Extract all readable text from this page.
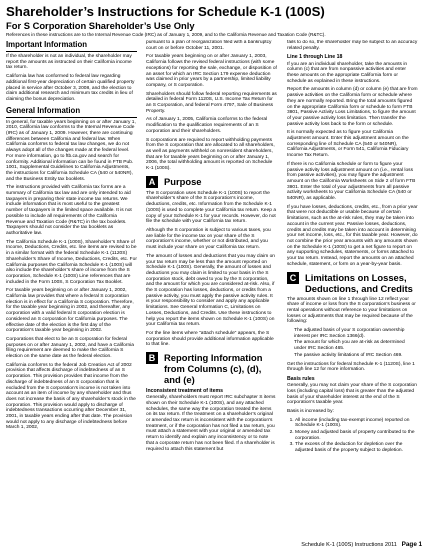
Shareholder’s Instructions for Schedule K-1 (100S)
For S Corporation Shareholder’s Use Only
References in these instructions are to the Internal Revenue Code (IRC) as of January 1, 2009, and to the California Revenue and Taxation Code (R&TC).
Important Information

If the shareholder is not an individual, the shareholder may report the amounts as instructed on their California income tax return.

California law has conformed to federal law regarding additional first-year depreciation of certain qualified property placed in service after October 3, 2008, and the election to claim additional research and minimum tax credits in lieu of claiming the bonus depreciation.

General Information

In general, for taxable years beginning on or after January 1, 2010, California law conforms to the Internal Revenue Code (IRC) as of January 1, 2009. However, there are continuing differences between California and federal law. When California conforms to federal tax law changes, we do not always adopt all of the changes made at the federal level. For more information, go to ftb.ca.gov and search for conformity. Additional information can be found in FTB Pub. 1001, Supplemental Guidelines to California Adjustments, the instructions for California Schedule CA (540 or 540NR), and the Business Entity tax booklets.

The instructions provided with California tax forms are a summary of California tax law and are only intended to aid taxpayers in preparing their state income tax returns. We include information that is most useful to the greatest number of taxpayers in the limited space available. It is not possible to include all requirements of the California Revenue and Taxation Code (R&TC) in the tax booklets. Taxpayers should not consider the tax booklets as authoritative law.

The California Schedule K-1 (100S), Shareholder’s Share of Income, Deductions, Credits, etc. line items are revised to be in a similar format with the federal Schedule K-1 (1120S) Shareholder’s Share of Income, Deductions, Credits, etc. For California purposes the California Schedule K-1 (100S) will also include the shareholder’s share of income from the S corporation, Schedule K-1 (100S) Line references that are included in the Form 100S, S Corporation Tax Booklet.

For taxable years beginning on or after January 1, 2002, California law provides that where a federal S corporation election is in effect for a California S corporation. Therefore, for the taxable year beginning in 2002, and thereafter, any corporation with a valid federal S corporation election is considered an S corporation for California purposes. The effective date of the election is the first day of the corporation’s taxable year beginning in 2002.

Corporations that elect to be an S corporation for federal purposes on or after January 1, 2002, and have a California filing requirement are deemed to make the California S election on the same date as the federal election.

California conforms to the federal Job Creation Act of 2002 provision that affects discharge of indebtedness of an S corporation. This provision provides that income from the discharge of indebtedness of an S corporation that is excluded from the S corporation’s income is not taken into account as an item of income by any shareholder and thus does not increase the basis of any shareholder’s stock in the corporation. This provision would apply to discharge of indebtedness transactions occurring after December 31, 2001, in taxable years ending after that date. The provision would not apply to any discharge of indebtedness before March 1, 2002,

pursuant to a plan of reorganization filed with a bankruptcy court on or before October 11, 2001.

For taxable years beginning on or after January 1, 2003, California follows the revised federal instructions (with some exceptions) for reporting the sale, exchange, or disposition of an asset for which an IRC Section 179 expense deduction was claimed in prior years by a partnership, limited liability company, or S corporation.

Shareholders should follow federal reporting requirements as detailed in federal Form 1120S, U.S. Income Tax Return for an S Corporation, and federal Form 4797, Sale of Business Property.

As of January 1, 2005, California conforms to the federal modification to the qualification requirements of an S corporation and their shareholders.

S corporations are required to report withholding payments from the S corporation that are allocated to all shareholders, as well as payments withheld on nonresident shareholders, that are for taxable years beginning on or after January 1, 2006, the total withholding amount is reported on Schedule K-1 (100S).

A Purpose

The S corporation uses Schedule K-1 (100S) to report the shareholder’s share of the S corporation’s income, deductions, credits, etc. Information from the Schedule K-1 (100S) is used to complete your California tax return. Keep a copy of your Schedule K-1 for your records. However, do not file the schedule with your California tax return.

Although the S corporation is subject to various taxes, you are liable for the income tax on your share of the S corporation’s income, whether or not distributed, and you must include your share on your California tax return.

The amount of losses and deductions that you may claim on your tax return may be less than the amount reported on Schedule K-1 (100S). Generally, the amount of losses and deductions you may claim is limited to your basis in the S corporation stock, debt owed to you by the S corporation, and the amount for which you are considered at-risk. Also, if the S corporation has losses, deductions, or credits from a passive activity, you must apply the passive activity rules. It is your responsibility to consider and apply any applicable limitations. See General Information C, Limitations on Losses, Deductions, and Credits. Use these instructions to help you report the items shown on Schedule K-1 (100S) on your California tax return.

For the line items where "attach schedule" appears, the S corporation should provide additional information applicable to that line.

B Reporting Information from Columns (c), (d), and (e)
Inconsistent treatment of items

Generally, shareholders must report IRC subchapter S items shown on their Schedule K-1 (100S), and any attached schedules, the same way the corporation treated the items on its tax return. If the treatment on a shareholder’s original or amended tax return is inconsistent with the corporation’s treatment, or if the corporation has not filed a tax return, you must attach a statement with your original or amended tax return to identify and explain any inconsistency or to note that a corporate return has not been filed. If a shareholder is required to attach this statement but

fails to do so, the shareholder may be subject to an accuracy related penalty.

Line 1 through Line 18

If you are an individual shareholder, take the amounts in column (c) that are from nonpassive activities and enter these amounts on the appropriate California form or schedule as explained in these instructions.

Report the amounts in column (d) or column (e) that are from passive activities on the California form or schedule where they are normally reported. Bring the total amounts figured on the appropriate California form or schedule to form FTB 3801, Passive Activity Loss Limitations, to figure the amount of your passive activity loss limitation. Then transfer the passive activity loss back to the form or schedule.

It is normally expected as to figure your California adjustment amount. Enter this adjustment amount on the corresponding line of Schedule CA (540 or 540NR), California Adjustments, or Form 541, California Fiduciary Income Tax Return.

If there is no California schedule or form to figure your passive activity loss adjustment amount on (i.e., rental loss from passive activities), you may figure the adjustment amount on the California Worksheets on Side 2 of form FTB 3801. Enter the total of your adjustments from all passive activity worksheets to your California Schedule CA (540 or 540NR), as applicable.

If you have losses, deductions, credits, etc., from a prior year that were not deductible or usable because of certain limitations, such as the at-risk rules, they may be taken into account in the current year. Passive losses, deductions, credits and credits may be taken into account in determining your net income, loss, etc., for this taxable year. However, do not combine the prior year amounts with any amounts shown on the Schedule K-1 (100S) to get a net figure to report on any supporting schedules, statements, or forms attached to your tax return. Instead, report the amounts on an attached schedule, statement, or form on a year-by-year basis.

C Limitations on Losses, Deductions, and Credits

The amounts shown on line 1 through line 12 reflect your share of income or loss from the S corporation’s business or rental operations without reference to your limitations on losses or adjustments that may be required because of the following:

• The adjusted basis of your S corporation ownership interest per IRC Section 1366(d).
• The amount for which you are at-risk as determined under IRC Section 465.
• The passive activity limitations of IRC Section 469.

Get the instructions for federal Schedule K-1 (1120S), line 1 through line 12 for more information.

Basis rules

Generally, you may not claim your share of the S corporation loss (including capital loss) that is greater than the adjusted basis of your shareholder interest at the end of the S corporation’s taxable year.

Basis is increased by:

1. All income (including tax-exempt income) reported on Schedule K-1 (100S).
2. Money and adjusted basis of property contributed to the corporation.
3. The excess of the deduction for depletion over the adjusted basis of the property subject to depletion.
Schedule K-1 (100S) Instructions 2011 Page 1
